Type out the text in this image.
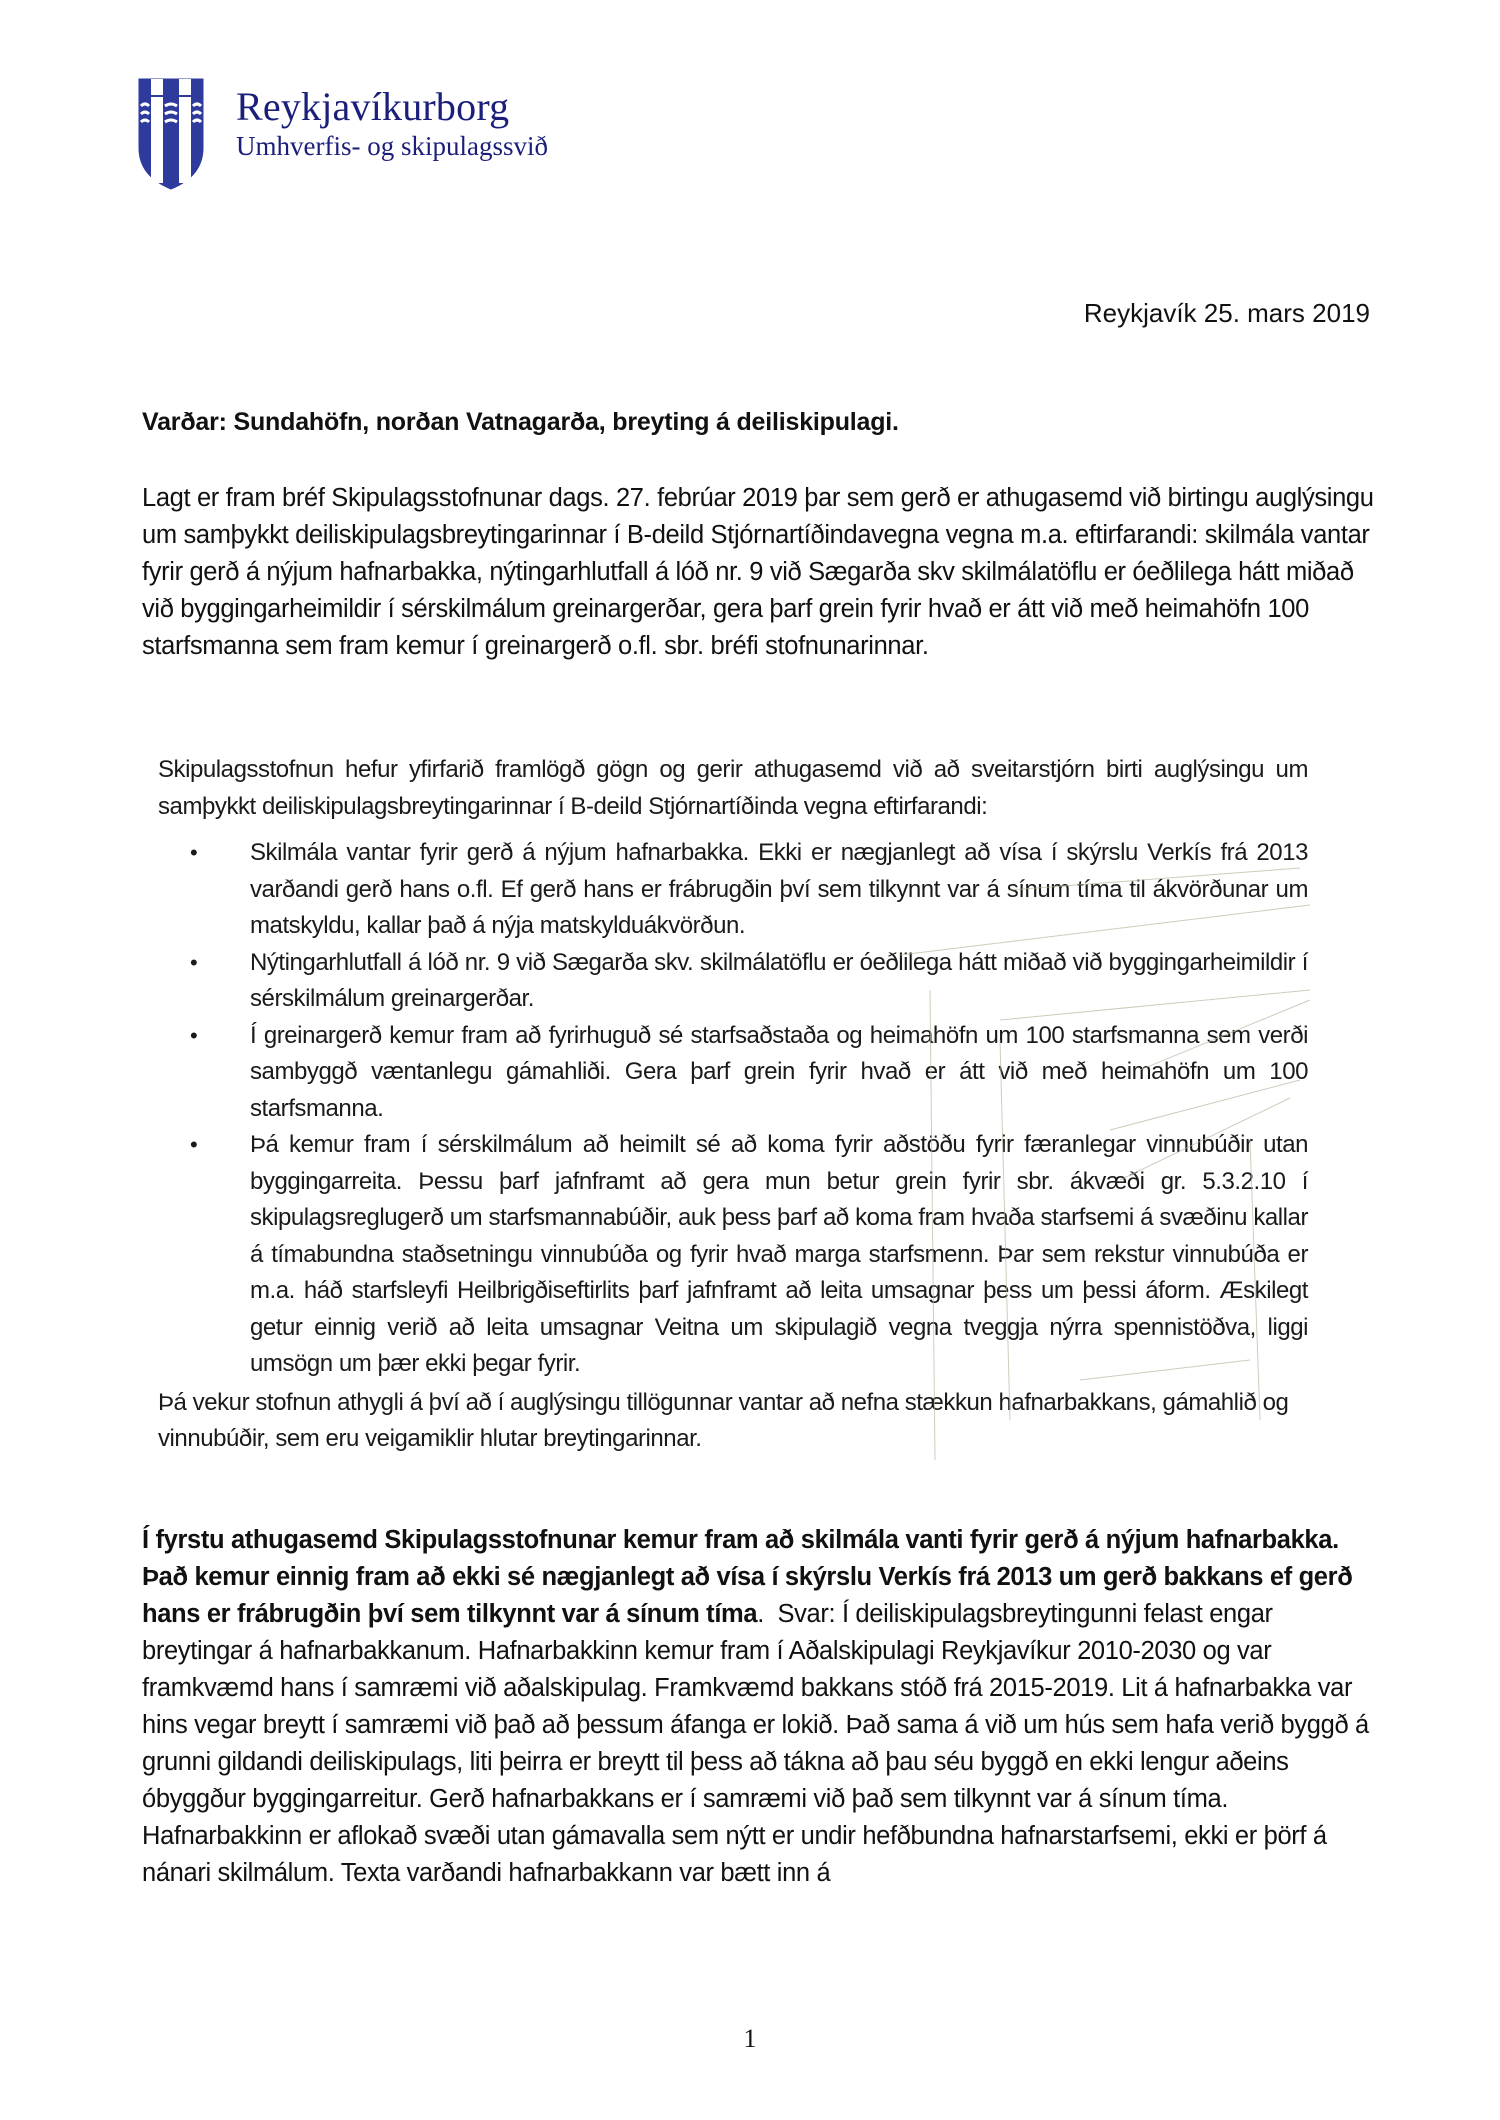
Reykjavíkurborg
Umhverfis- og skipulagssvið
Reykjavík 25. mars 2019
Varðar: Sundahöfn, norðan Vatnagarða, breyting á deiliskipulagi.
Lagt er fram bréf Skipulagsstofnunar dags. 27. febrúar 2019 þar sem gerð er athugasemd við birtingu auglýsingu um samþykkt deiliskipulagsbreytingarinnar í B-deild Stjórnartíðindavegna vegna m.a. eftirfarandi: skilmála vantar fyrir gerð á nýjum hafnarbakka, nýtingarhlutfall á lóð nr. 9 við Sægarða skv skilmálatöflu er óeðlilega hátt miðað við byggingarheimildir í sérskilmálum greinargerðar, gera þarf grein fyrir hvað er átt við með heimahöfn 100 starfsmanna sem fram kemur í greinargerð o.fl. sbr. bréfi stofnunarinnar.
Skipulagsstofnun hefur yfirfarið framlögð gögn og gerir athugasemd við að sveitarstjórn birti auglýsingu um samþykkt deiliskipulagsbreytingarinnar í B-deild Stjórnartíðinda vegna eftirfarandi:
• Skilmála vantar fyrir gerð á nýjum hafnarbakka. Ekki er nægjanlegt að vísa í skýrslu Verkís frá 2013 varðandi gerð hans o.fl. Ef gerð hans er frábrugðin því sem tilkynnt var á sínum tíma til ákvörðunar um matskyldu, kallar það á nýja matskylduákvörðun.
• Nýtingarhlutfall á lóð nr. 9 við Sægarða skv. skilmálatöflu er óeðlilega hátt miðað við byggingarheimildir í sérskilmálum greinargerðar.
• Í greinargerð kemur fram að fyrirhuguð sé starfsaðstaða og heimahöfn um 100 starfsmanna sem verði sambyggð væntanlegu gámahliði. Gera þarf grein fyrir hvað er átt við með heimahöfn um 100 starfsmanna.
• Þá kemur fram í sérskilmálum að heimilt sé að koma fyrir aðstöðu fyrir færanlegar vinnubúðir utan byggingarreita. Þessu þarf jafnframt að gera mun betur grein fyrir sbr. ákvæði gr. 5.3.2.10 í skipulagsreglugerð um starfsmannabúðir, auk þess þarf að koma fram hvaða starfsemi á svæðinu kallar á tímabundna staðsetningu vinnubúða og fyrir hvað marga starfsmenn. Þar sem rekstur vinnubúða er m.a. háð starfsleyfi Heilbrigðiseftirlits þarf jafnframt að leita umsagnar þess um þessi áform. Æskilegt getur einnig verið að leita umsagnar Veitna um skipulagið vegna tveggja nýrra spennistöðva, liggi umsögn um þær ekki þegar fyrir.
Þá vekur stofnun athygli á því að í auglýsingu tillögunnar vantar að nefna stækkun hafnarbakkans, gámahlið og vinnubúðir, sem eru veigamiklir hlutar breytingarinnar.
Í fyrstu athugasemd Skipulagsstofnunar kemur fram að skilmála vanti fyrir gerð á nýjum hafnarbakka. Það kemur einnig fram að ekki sé nægjanlegt að vísa í skýrslu Verkís frá 2013 um gerð bakkans ef gerð hans er frábrugðin því sem tilkynnt var á sínum tíma.  Svar: Í deiliskipulagsbreytingunni felast engar breytingar á hafnarbakkanum. Hafnarbakkinn kemur fram í Aðalskipulagi Reykjavíkur 2010-2030 og var framkvæmd hans í samræmi við aðalskipulag. Framkvæmd bakkans stóð frá 2015-2019. Lit á hafnarbakka var hins vegar breytt í samræmi við það að þessum áfanga er lokið. Það sama á við um hús sem hafa verið byggð á grunni gildandi deiliskipulags, liti þeirra er breytt til þess að tákna að þau séu byggð en ekki lengur aðeins óbyggður byggingarreitur. Gerð hafnarbakkans er í samræmi við það sem tilkynnt var á sínum tíma. Hafnarbakkinn er aflokað svæði utan gámavalla sem nýtt er undir hefðbundna hafnarstarfsemi, ekki er þörf á nánari skilmálum. Texta varðandi hafnarbakkann var bætt inn á
1
